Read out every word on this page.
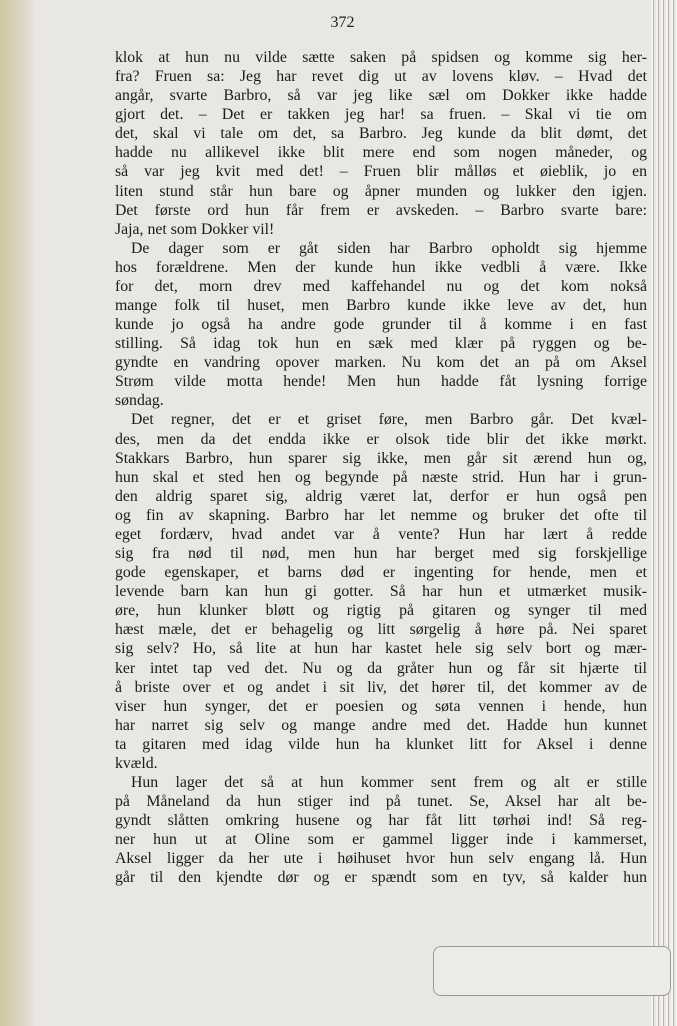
372
klok at hun nu vilde sætte saken på spidsen og komme sig her-
fra? Fruen sa: Jeg har revet dig ut av lovens kløv. – Hvad det
angår, svarte Barbro, så var jeg like sæl om Dokker ikke hadde
gjort det. – Det er takken jeg har! sa fruen. – Skal vi tie om
det, skal vi tale om det, sa Barbro. Jeg kunde da blit dømt, det
hadde nu allikevel ikke blit mere end som nogen måneder, og
så var jeg kvit med det! – Fruen blir målløs et øieblik, jo en
liten stund står hun bare og åpner munden og lukker den igjen.
Det første ord hun får frem er avskeden. – Barbro svarte bare:
Jaja, net som Dokker vil!
De dager som er gåt siden har Barbro opholdt sig hjemme
hos forældrene. Men der kunde hun ikke vedbli å være. Ikke
for det, morn drev med kaffehandel nu og det kom nokså
mange folk til huset, men Barbro kunde ikke leve av det, hun
kunde jo også ha andre gode grunder til å komme i en fast
stilling. Så idag tok hun en sæk med klær på ryggen og be-
gyndte en vandring opover marken. Nu kom det an på om Aksel
Strøm vilde motta hende! Men hun hadde fåt lysning forrige
søndag.
Det regner, det er et griset føre, men Barbro går. Det kvæl-
des, men da det endda ikke er olsok tide blir det ikke mørkt.
Stakkars Barbro, hun sparer sig ikke, men går sit ærend hun og,
hun skal et sted hen og begynde på næste strid. Hun har i grun-
den aldrig sparet sig, aldrig været lat, derfor er hun også pen
og fin av skapning. Barbro har let nemme og bruker det ofte til
eget fordærv, hvad andet var å vente? Hun har lært å redde
sig fra nød til nød, men hun har berget med sig forskjellige
gode egenskaper, et barns død er ingenting for hende, men et
levende barn kan hun gi gotter. Så har hun et utmærket musik-
øre, hun klunker bløtt og rigtig på gitaren og synger til med
hæst mæle, det er behagelig og litt sørgelig å høre på. Nei sparet
sig selv? Ho, så lite at hun har kastet hele sig selv bort og mær-
ker intet tap ved det. Nu og da gråter hun og får sit hjærte til
å briste over et og andet i sit liv, det hører til, det kommer av de
viser hun synger, det er poesien og søta vennen i hende, hun
har narret sig selv og mange andre med det. Hadde hun kunnet
ta gitaren med idag vilde hun ha klunket litt for Aksel i denne
kvæld.
Hun lager det så at hun kommer sent frem og alt er stille
på Måneland da hun stiger ind på tunet. Se, Aksel har alt be-
gyndt slåtten omkring husene og har fåt litt tørhøi ind! Så reg-
ner hun ut at Oline som er gammel ligger inde i kammerset,
Aksel ligger da her ute i høihuset hvor hun selv engang lå. Hun
går til den kjendte dør og er spændt som en tyv, så kalder hun
